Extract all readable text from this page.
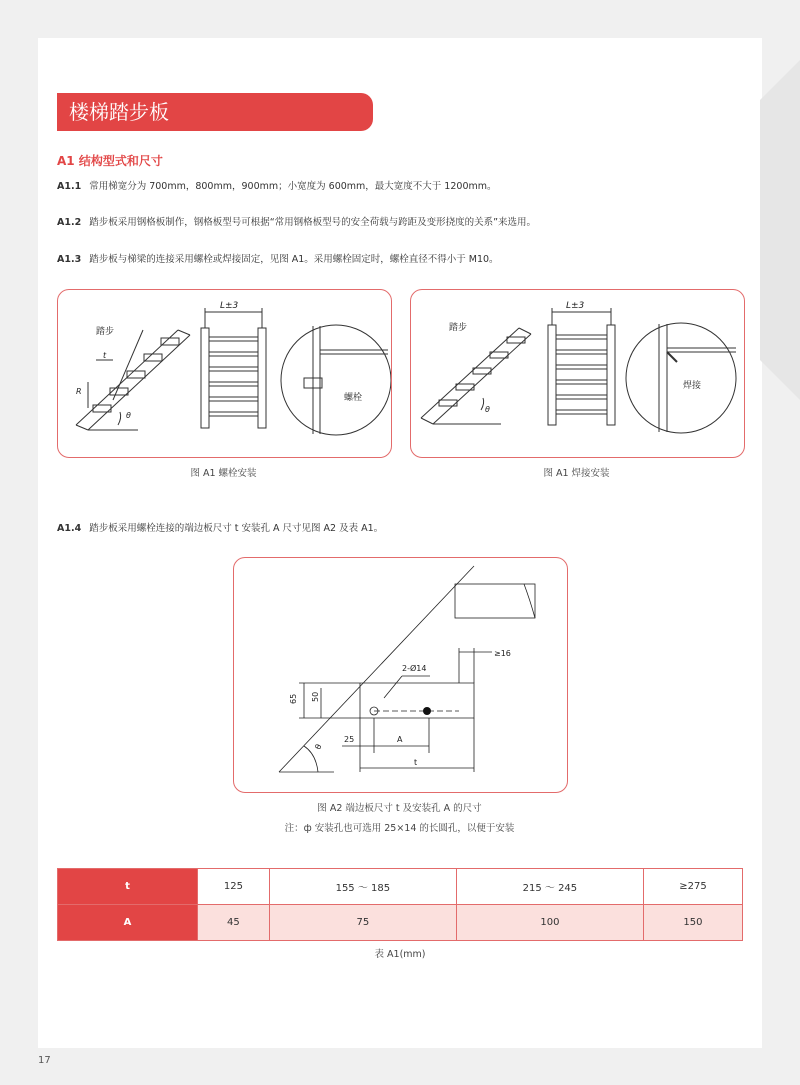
楼梯踏步板
A1 结构型式和尺寸
A1.1 常用梯宽分为 700mm，800mm，900mm；小宽度为 600mm，最大宽度不大于 1200mm。
A1.2 踏步板采用钢格板制作，钢格板型号可根据“常用钢格板型号的安全荷载与跨距及变形挠度的关系”来选用。
A1.3 踏步板与梯梁的连接采用螺栓或焊接固定，见图 A1。采用螺栓固定时，螺栓直径不得小于 M10。
踏步
t
R
θ
L±3
螺栓
踏步
θ
L±3
焊接
图 A1 螺栓安装	图 A1 焊接安装
A1.4 踏步板采用螺栓连接的端边板尺寸 t 安装孔 A 尺寸见图 A2 及表 A1。
2-Ø14
≥16
65 50
25	A
t
θ
图 A2 端边板尺寸 t 及安装孔 A 的尺寸
注：ф 安装孔也可选用 25×14 的长圆孔，以便于安装
t	125	155 ～ 185	215 ～ 245	≥275
A	45	75	100	150
表 A1(mm)
17
